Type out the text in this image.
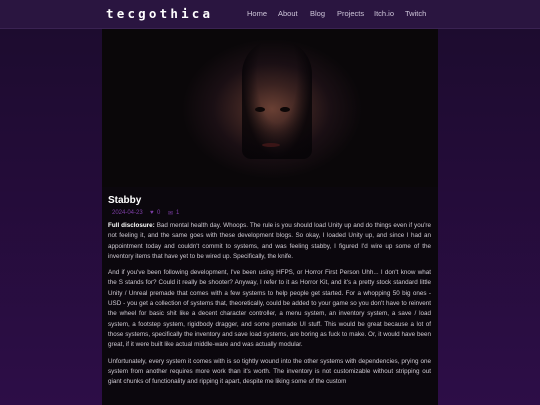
tecgothica	Home About Blog Projects Itch.io Twitch
Stabby
2024-04-23 ♥ 0 ✉ 1

Full disclosure: Bad mental health day. Whoops. The rule is you should load Unity up and do things even if you're not feeling it, and the same goes with these development blogs. So okay, I loaded Unity up, and since I had an appointment today and couldn't commit to systems, and was feeling stabby, I figured I'd wire up some of the inventory items that have yet to be wired up. Specifically, the knife.

And if you've been following development, I've been using HFPS, or Horror First Person Uhh... I don't know what the S stands for? Could it really be shooter? Anyway, I refer to it as Horror Kit, and it's a pretty stock standard little Unity / Unreal premade that comes with a few systems to help people get started. For a whopping 50 big ones - USD - you get a collection of systems that, theoretically, could be added to your game so you don't have to reinvent the wheel for basic shit like a decent character controller, a menu system, an inventory system, a save / load system, a footstep system, rigidbody dragger, and some premade UI stuff. This would be great because a lot of those systems, specifically the inventory and save load systems, are boring as fuck to make. Or, it would have been great, if it were built like actual middle-ware and was actually modular.

Unfortunately, every system it comes with is so tightly wound into the other systems with dependencies, prying one system from another requires more work than it's worth. The inventory is not customizable without stripping out giant chunks of functionality and ripping it apart, despite me liking some of the custom
